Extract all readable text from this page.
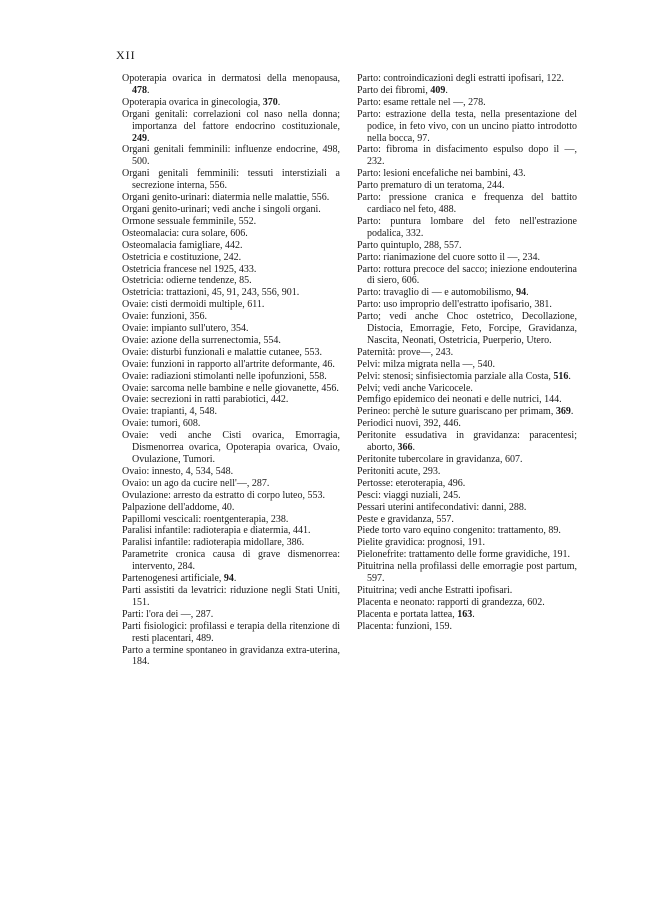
XII

Opoterapia ovarica in dermatosi della menopausa, 478.

Opoterapia ovarica in ginecologia, 370.

Organi genitali: correlazioni col naso nella donna; importanza del fattore endocrino costituzionale, 249.

Organi genitali femminili: influenze endocrine, 498, 500.

Organi genitali femminili: tessuti interstiziali a secrezione interna, 556.

Organi genito-urinari: diatermia nelle malattie, 556.

Organi genito-urinari; vedi anche i singoli organi.

Ormone sessuale femminile, 552.

Osteomalacia: cura solare, 606.

Osteomalacia famigliare, 442.

Ostetricia e costituzione, 242.

Ostetricia francese nel 1925, 433.

Ostetricia: odierne tendenze, 85.

Ostetricia: trattazioni, 45, 91, 243, 556, 901.

Ovaie: cisti dermoidi multiple, 611.

Ovaie: funzioni, 356.

Ovaie: impianto sull'utero, 354.

Ovaie: azione della surrenectomia, 554.

Ovaie: disturbi funzionali e malattie cutanee, 553.

Ovaie: funzioni in rapporto all'artrite deformante, 46.

Ovaie: radiazioni stimolanti nelle ipofunzioni, 558.

Ovaie: sarcoma nelle bambine e nelle giovanette, 456.

Ovaie: secrezioni in ratti parabiotici, 442.

Ovaie: trapianti, 4, 548.

Ovaie: tumori, 608.

Ovaie: vedi anche Cisti ovarica, Emorragia, Dismenorrea ovarica, Opoterapia ovarica, Ovaio, Ovulazione, Tumori.

Ovaio: innesto, 4, 534, 548.

Ovaio: un ago da cucire nell'—, 287.

Ovulazione: arresto da estratto di corpo luteo, 553.

Palpazione dell'addome, 40.

Papillomi vescicali: roentgenterapia, 238.

Paralisi infantile: radioterapia e diatermia, 441.

Paralisi infantile: radioterapia midollare, 386.

Parametrite cronica causa di grave dismenorrea: intervento, 284.

Partenogenesi artificiale, 94.

Parti assistiti da levatrici: riduzione negli Stati Uniti, 151.

Parti: l'ora dei —, 287.

Parti fisiologici: profilassi e terapia della ritenzione di resti placentari, 489.

Parto a termine spontaneo in gravidanza extra-uterina, 184.

Parto: controindicazioni degli estratti ipofisari, 122.

Parto dei fibromi, 409.

Parto: esame rettale nel —, 278.

Parto: estrazione della testa, nella presentazione del podice, in feto vivo, con un uncino piatto introdotto nella bocca, 97.

Parto: fibroma in disfacimento espulso dopo il —, 232.

Parto: lesioni encefaliche nei bambini, 43.

Parto prematuro di un teratoma, 244.

Parto: pressione cranica e frequenza del battito cardiaco nel feto, 488.

Parto: puntura lombare del feto nell'estrazione podalica, 332.

Parto quintuplo, 288, 557.

Parto: rianimazione del cuore sotto il —, 234.

Parto: rottura precoce del sacco; iniezione endouterina di siero, 606.

Parto: travaglio di — e automobilismo, 94.

Parto: uso improprio dell'estratto ipofisario, 381.

Parto; vedi anche Choc ostetrico, Decollazione, Distocia, Emorragie, Feto, Forcipe, Gravidanza, Nascita, Neonati, Ostetricia, Puerperio, Utero.

Paternità: prove—, 243.

Pelvi: milza migrata nella —, 540.

Pelvi: stenosi; sinfisiectomia parziale alla Costa, 516.

Pelvi; vedi anche Varicocele.

Pemfigo epidemico dei neonati e delle nutrici, 144.

Perineo: perchè le suture guariscano per primam, 369.

Periodici nuovi, 392, 446.

Peritonite essudativa in gravidanza: paracentesi; aborto, 366.

Peritonite tubercolare in gravidanza, 607.

Peritoniti acute, 293.

Pertosse: eteroterapia, 496.

Pesci: viaggi nuziali, 245.

Pessari uterini antifecondativi: danni, 288.

Peste e gravidanza, 557.

Piede torto varo equino congenito: trattamento, 89.

Pielite gravidica: prognosi, 191.

Pielonefrite: trattamento delle forme gravidiche, 191.

Pituitrina nella profilassi delle emorragie post partum, 597.

Pituitrina; vedi anche Estratti ipofisari.

Placenta e neonato: rapporti di grandezza, 602.

Placenta e portata lattea, 163.

Placenta: funzioni, 159.
